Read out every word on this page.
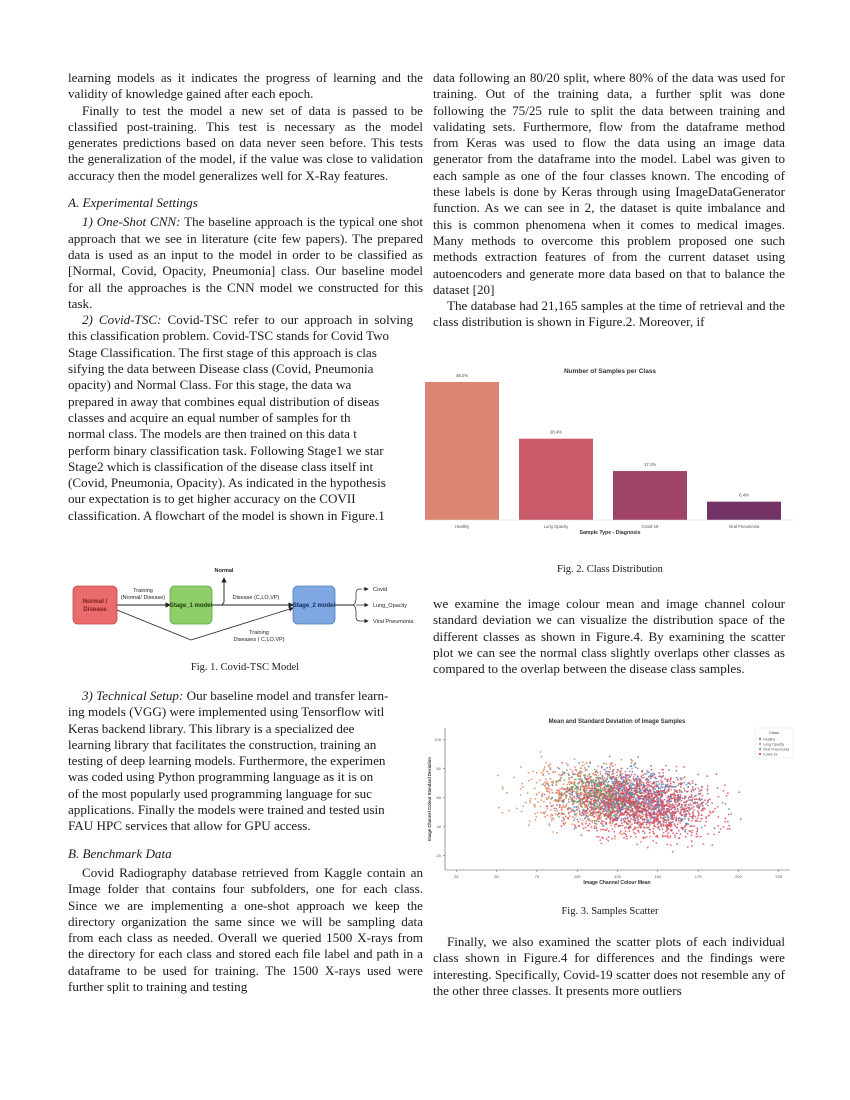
learning models as it indicates the progress of learning and the validity of knowledge gained after each epoch.

Finally to test the model a new set of data is passed to be classified post-training. This test is necessary as the model generates predictions based on data never seen before. This tests the generalization of the model, if the value was close to validation accuracy then the model generalizes well for X-Ray features.

A. Experimental Settings

1) One-Shot CNN: The baseline approach is the typical one shot approach that we see in literature (cite few papers). The prepared data is used as an input to the model in order to be classified as [Normal, Covid, Opacity, Pneumonia] class. Our baseline model for all the approaches is the CNN model we constructed for this task.

2) Covid-TSC: Covid-TSC refer to our approach in solving
this classification problem. Covid-TSC stands for Covid Two
Stage Classification. The first stage of this approach is clas
sifying the data between Disease class (Covid, Pneumonia
opacity) and Normal Class. For this stage, the data wa
prepared in away that combines equal distribution of diseas
classes and acquire an equal number of samples for th
normal class. The models are then trained on this data t
perform binary classification task. Following Stage1 we star
Stage2 which is classification of the disease class itself int
(Covid, Pneumonia, Opacity). As indicated in the hypothesis
our expectation is to get higher accuracy on the COVII
classification. A flowchart of the model is shown in Figure.1
Normal /
Disease	Stage_1 model	Stage_2 model
Training
(Normal/ Disease)
Normal
Disease (C,LO,VP)
Training
Diseases ( C,LO,VP)
Covid
Lung_Opacity
Viral Pneumonia
Fig. 1. Covid-TSC Model
3) Technical Setup: Our baseline model and transfer learn-
ing models (VGG) were implemented using Tensorflow witl
Keras backend library. This library is a specialized dee
learning library that facilitates the construction, training an
testing of deep learning models. Furthermore, the experimen
was coded using Python programming language as it is on
of the most popularly used programming language for suc
applications. Finally the models were trained and tested usin
FAU HPC services that allow for GPU access.

B. Benchmark Data

Covid Radiography database retrieved from Kaggle contain an Image folder that contains four subfolders, one for each class. Since we are implementing a one-shot approach we keep the directory organization the same since we will be sampling data from each class as needed. Overall we queried 1500 X-rays from the directory for each class and stored each file label and path in a dataframe to be used for training. The 1500 X-rays used were further split to training and testing

data following an 80/20 split, where 80% of the data was used for training. Out of the training data, a further split was done following the 75/25 rule to split the data between training and validating sets. Furthermore, flow from the dataframe method from Keras was used to flow the data using an image data generator from the dataframe into the model. Label was given to each sample as one of the four classes known. The encoding of these labels is done by Keras through using ImageDataGenerator function. As we can see in 2, the dataset is quite imbalance and this is common phenomena when it comes to medical images. Many methods to overcome this problem proposed one such methods extraction features of from the current dataset using autoencoders and generate more data based on that to balance the dataset [20]

The database had 21,165 samples at the time of retrieval and the class distribution is shown in Figure.2. Moreover, if

Number of Samples per Class
48.2%
Healthy
28.4%
Lung Opacity
17.1%
Covid-19
6.4%
Viral Pneumonia
Sample Type - Diagnosis
Fig. 2. Class Distribution

we examine the image colour mean and image channel colour standard deviation we can visualize the distribution space of the different classes as shown in Figure.4. By examining the scatter plot we can see the normal class slightly overlaps other classes as compared to the overlap between the disease class samples.

Mean and Standard Deviation of Image Samples
25	50	75	100	125	150	175	200	225
20
40
60
80
100
Image Channel Colour Mean
Image Channel Colour Standard Deviation
Class
Healthy
Lung Opacity
Viral Pneumonia
Covid-19
Fig. 3. Samples Scatter

Finally, we also examined the scatter plots of each individual class shown in Figure.4 for differences and the findings were interesting. Specifically, Covid-19 scatter does not resemble any of the other three classes. It presents more outliers
